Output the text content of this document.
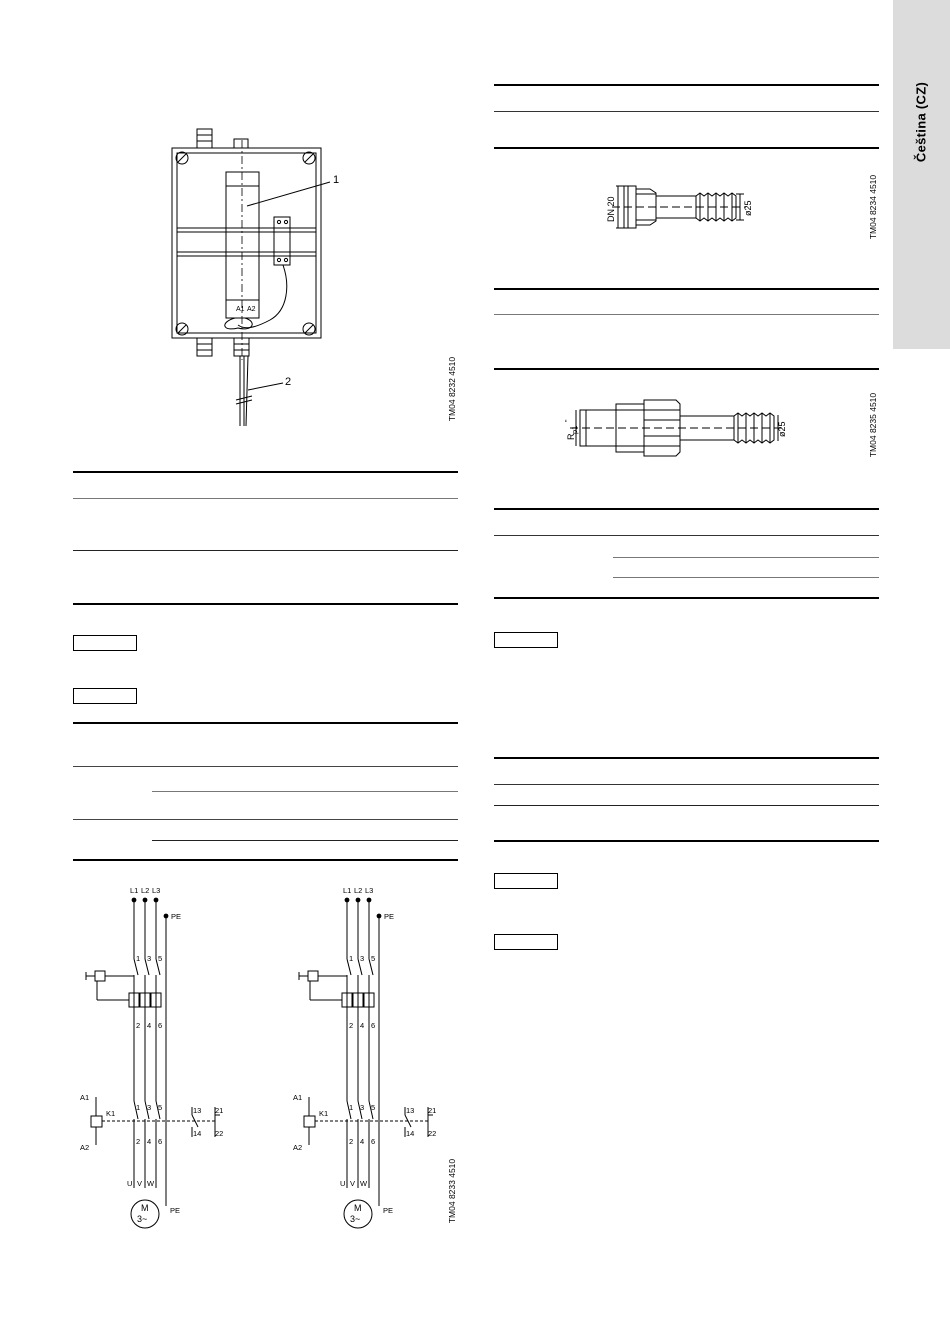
Čeština (CZ)
A1 A2
1
2	TM04 8232 4510
L1 L2 L3
PE
1 3 5
2 4 6
A1
A2
K1
1 3 5
2 4 6
13 21
14 22
U V W
PE
M
3~
L1 L2 L3
PE
1 3 5
2 4 6
A1
A2
K1
1 3 5
2 4 6
13 21
14 22
U V W
PE
M
3~	TM04 8233 4510
DN 20	ø25	TM04 8234 4510
R
p1
"
ø25	TM04 8235 4510
